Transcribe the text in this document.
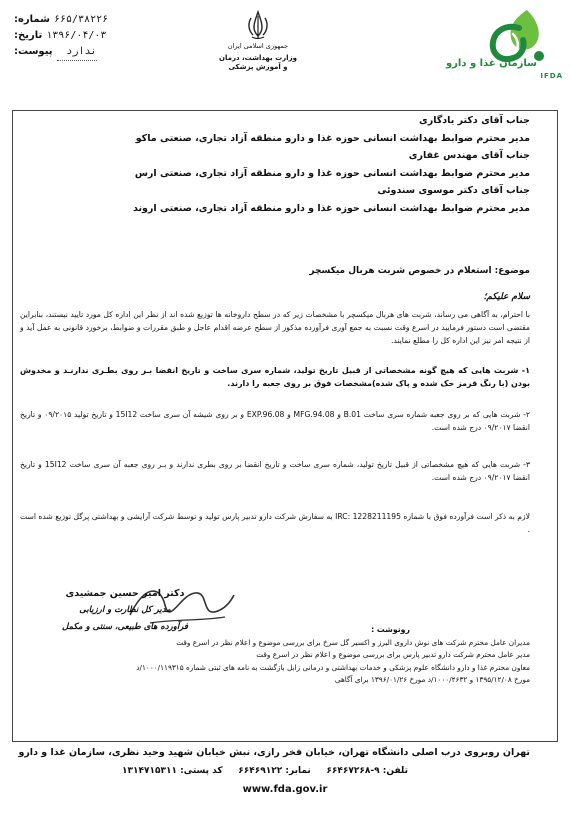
شماره: ۶۶۵/۳۸۲۲۶
تاریخ: ۱۳۹۶/۰۴/۰۳
پیوست:	ندارد	جمهوری اسلامی ایران
وزارت بهداشت، درمان
و آموزش پزشکی	سازمان غذا و دارو
IFDA
جناب آقای دکتر یادگاری
مدیر محترم ضوابط بهداشت انسانی حوزه غذا و دارو منطقه آزاد تجاری، صنعتی ماکو
جناب آقای مهندس غفاری
مدیر محترم ضوابط بهداشت انسانی حوزه غذا و دارو منطقه آزاد تجاری، صنعتی ارس
جناب آقای دکتر موسوی سندوئی
مدیر محترم ضوابط بهداشت انسانی حوزه غذا و دارو منطقه آزاد تجاری، صنعتی اروند
موضوع: استعلام در خصوص شربت هربال میکسچر
سلام علیکم؛
با احترام، به آگاهی می رساند، شربت های هربال میکسچر با مشخصات زیر که در سطح داروخانه ها توزیع شده اند از نظر این اداره کل مورد تایید نیستند، بنابراین مقتضی است دستور فرمایید در اسرع وقت نسبت به جمع آوری فرآورده مذکور از سطح عرضه اقدام عاجل و طبق مقررات و ضوابط، برخورد قانونی به عمل آید و از نتیجه امر نیز این اداره کل را مطلع نمایند.
۱- شربت هایی که هیچ گونه مشخصاتی از قبیل تاریخ تولید، شماره سری ساخت و تاریخ انقضا بـر روی بطـری ندارنـد و مخدوش بودن (با رنگ قرمز حک شده و پاک شده)مشخصات فوق بر روی جعبه را دارند.
۲- شربت هایی که بر روی جعبه شماره سری ساخت B.01 و MFG.94.08 و EXP.96.08 و بر روی شیشه آن سری ساخت 15I12 و تاریخ تولید ۰۹/۲۰۱۵ و تاریخ انقضا ۰۹/۲۰۱۷ درج شده است.
۳- شربت هایی که هیچ مشخصاتی از قبیل تاریخ تولید، شماره سری ساخت و تاریخ انقضا بر روی بطری ندارند و بـر روی جعبه آن سری ساخت 15I12 و تاریخ انقضا ۰۹/۲۰۱۷ درج شده است.
لازم به ذکر است فرآورده فوق با شماره IRC: 1228211195 به سفارش شرکت دارو تدبیر پارس تولید و توسط شرکت آرایشی و بهداشتی پرگل توزیع شده است .
دکتر امیر حسین جمشیدی
مدیر کل نظارت و ارزیابی
فرآورده های طبیعی، سنتی و مکمل	رونوشت :
مدیران عامل محترم شرکت های نوش داروی البرز و اکسیر گل سرخ برای بررسی موضوع و اعلام نظر در اسرع وقت
مدیر عامل محترم شرکت دارو تدبیر پارس برای بررسی موضوع و اعلام نظر در اسرع وقت
معاون محترم غذا و دارو دانشگاه علوم پزشکی و خدمات بهداشتی و درمانی زابل بازگشت به نامه های ثبتی شماره ۱۰۰۰/۱۱۹۳۱۵/د
مورخ ۱۳۹۵/۱۲/۰۸ و ۱۰۰۰/۴۶۳۲/د مورخ ۱۳۹۶/۰۱/۲۶ برای آگاهی
تهران روبروی درب اصلی دانشگاه تهران، خیابان فخر رازی، نبش خیابان شهید وحید نظری، سازمان غذا و دارو
تلفن: ۹-۶۶۴۶۷۲۶۸     نمابر: ۶۶۴۶۹۱۲۲     کد پستی: ۱۳۱۴۷۱۵۳۱۱
www.fda.gov.ir
